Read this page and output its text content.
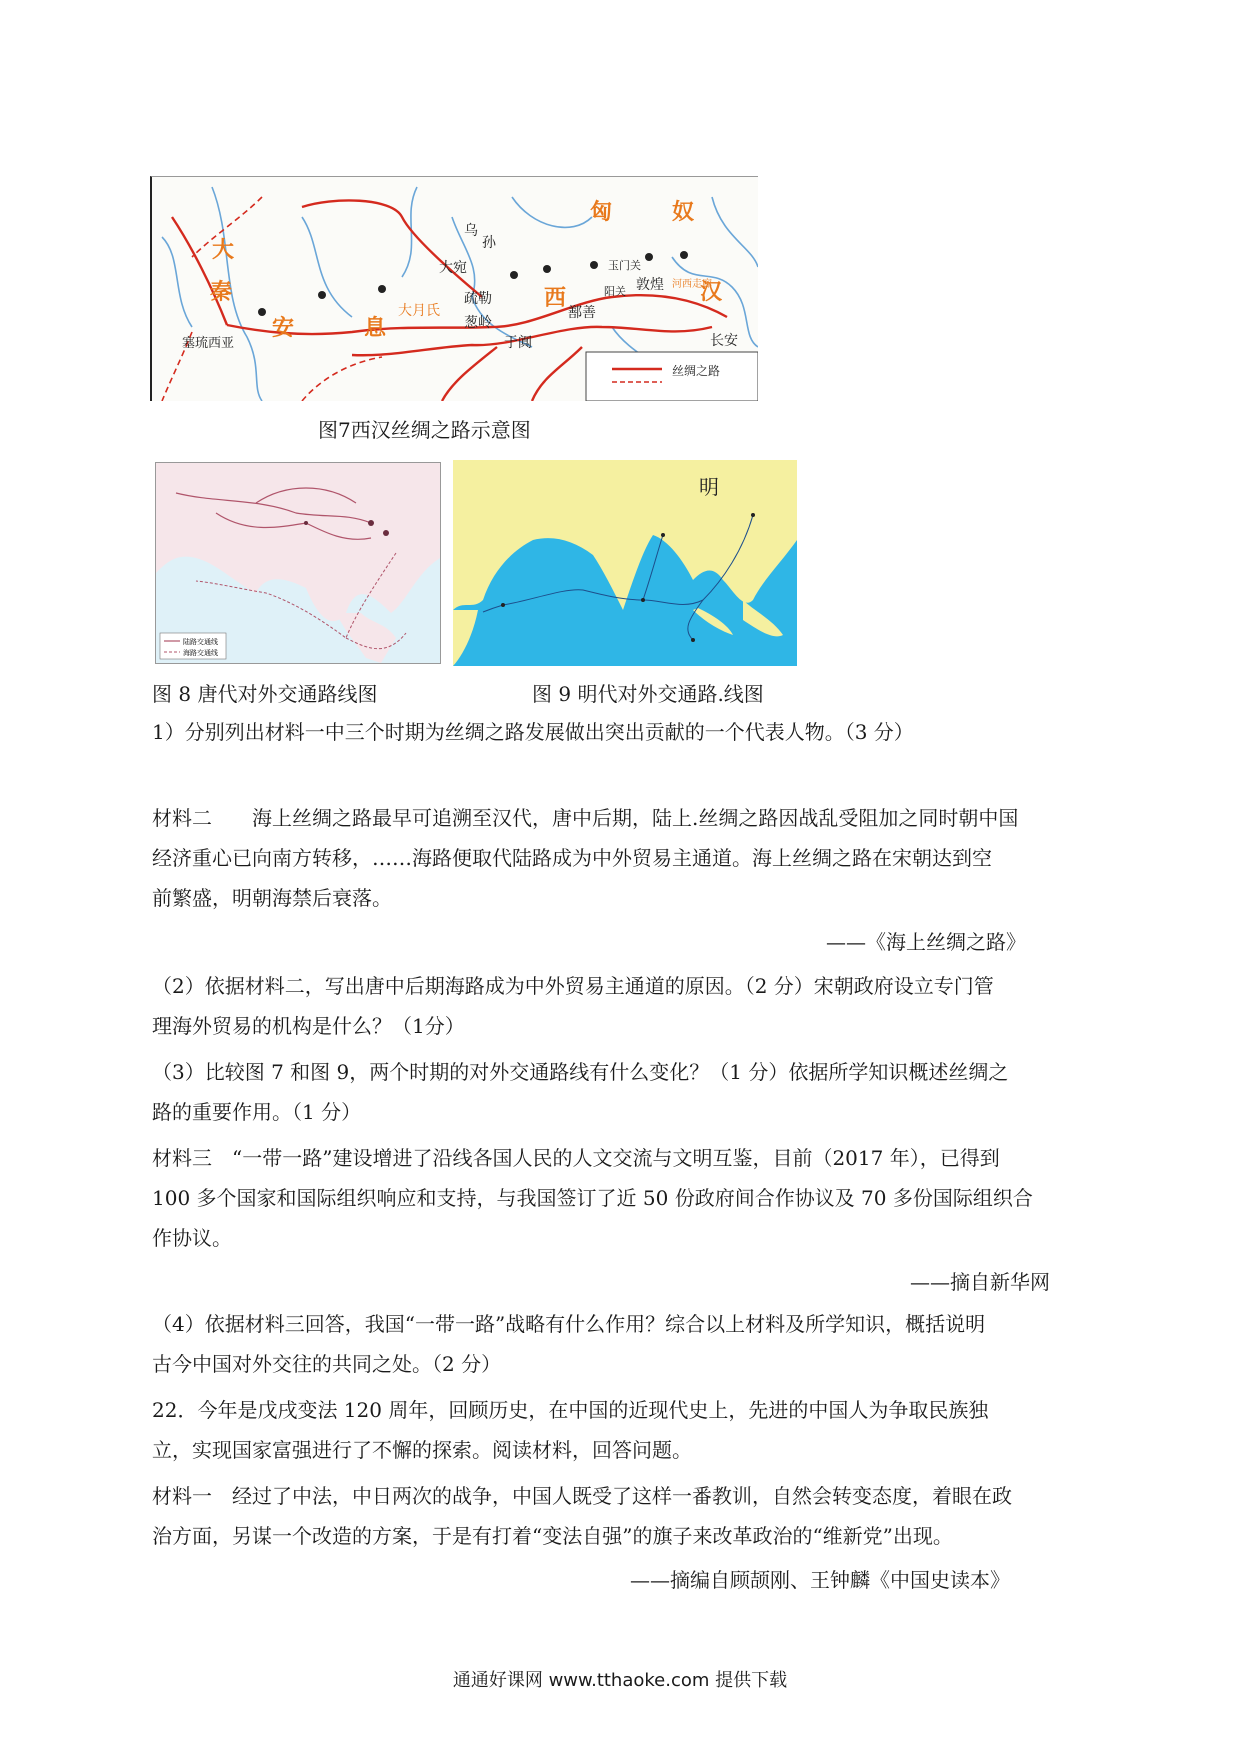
匈	奴
大
秦
安	息
西	汉
乌
孙
大宛
疏勒
大月氏
葱岭
于阗
鄯善
玉门关
阳关 敦煌 河西走廊
塞琉西亚	长安
丝绸之路
图7西汉丝绸之路示意图
陆路交通线
海路交通线
图 8 唐代对外交通路线图
明
图 9 明代对外交通路.线图
1）分别列出材料一中三个时期为丝绸之路发展做出突出贡献的一个代表人物。（3 分）
材料二　　海上丝绸之路最早可追溯至汉代，唐中后期，陆上.丝绸之路因战乱受阻加之同时朝中国
经济重心已向南方转移，……海路便取代陆路成为中外贸易主通道。海上丝绸之路在宋朝达到空
前繁盛，明朝海禁后衰落。
——《海上丝绸之路》
（2）依据材料二，写出唐中后期海路成为中外贸易主通道的原因。（2 分）宋朝政府设立专门管
理海外贸易的机构是什么？（1分）
（3）比较图 7 和图 9，两个时期的对外交通路线有什么变化？（1 分）依据所学知识概述丝绸之
路的重要作用。（1 分）
材料三　“一带一路”建设增进了沿线各国人民的人文交流与文明互鉴，目前（2017 年），已得到
100 多个国家和国际组织响应和支持，与我国签订了近 50 份政府间合作协议及 70 多份国际组织合
作协议。
——摘自新华网
（4）依据材料三回答，我国“一带一路”战略有什么作用？综合以上材料及所学知识，概括说明
古今中国对外交往的共同之处。（2 分）
22．今年是戊戌变法 120 周年，回顾历史，在中国的近现代史上，先进的中国人为争取民族独
立，实现国家富强进行了不懈的探索。阅读材料，回答问题。
材料一　经过了中法，中日两次的战争，中国人既受了这样一番教训，自然会转变态度，着眼在政
治方面，另谋一个改造的方案，于是有打着“变法自强”的旗子来改革政治的“维新党”出现。
——摘编自顾颉刚、王钟麟《中国史读本》
通通好课网 www.tthaoke.com 提供下载
